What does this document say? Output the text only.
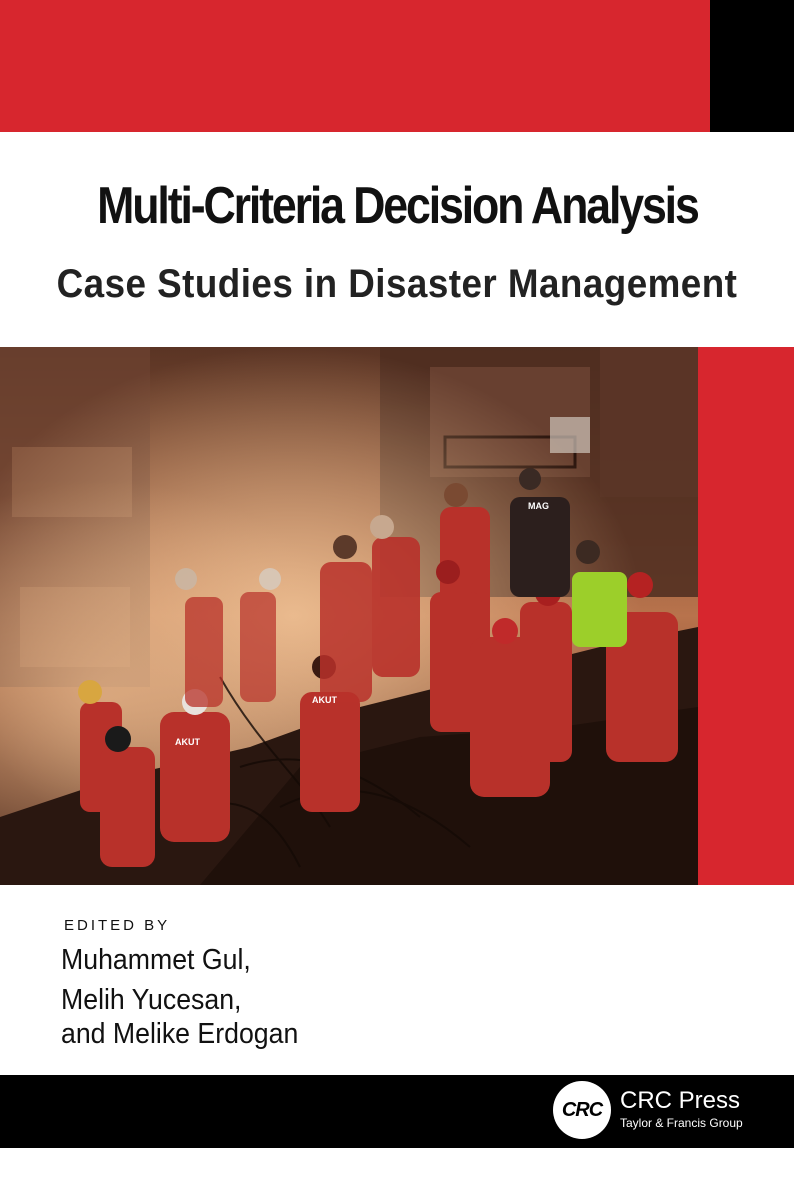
Multi-Criteria Decision Analysis
Case Studies in Disaster Management
AKUT
AKUT
MAG
EDITED BY
Muhammet Gul,
Melih Yucesan,
and Melike Erdogan
CRC CRC Press
Taylor & Francis Group
